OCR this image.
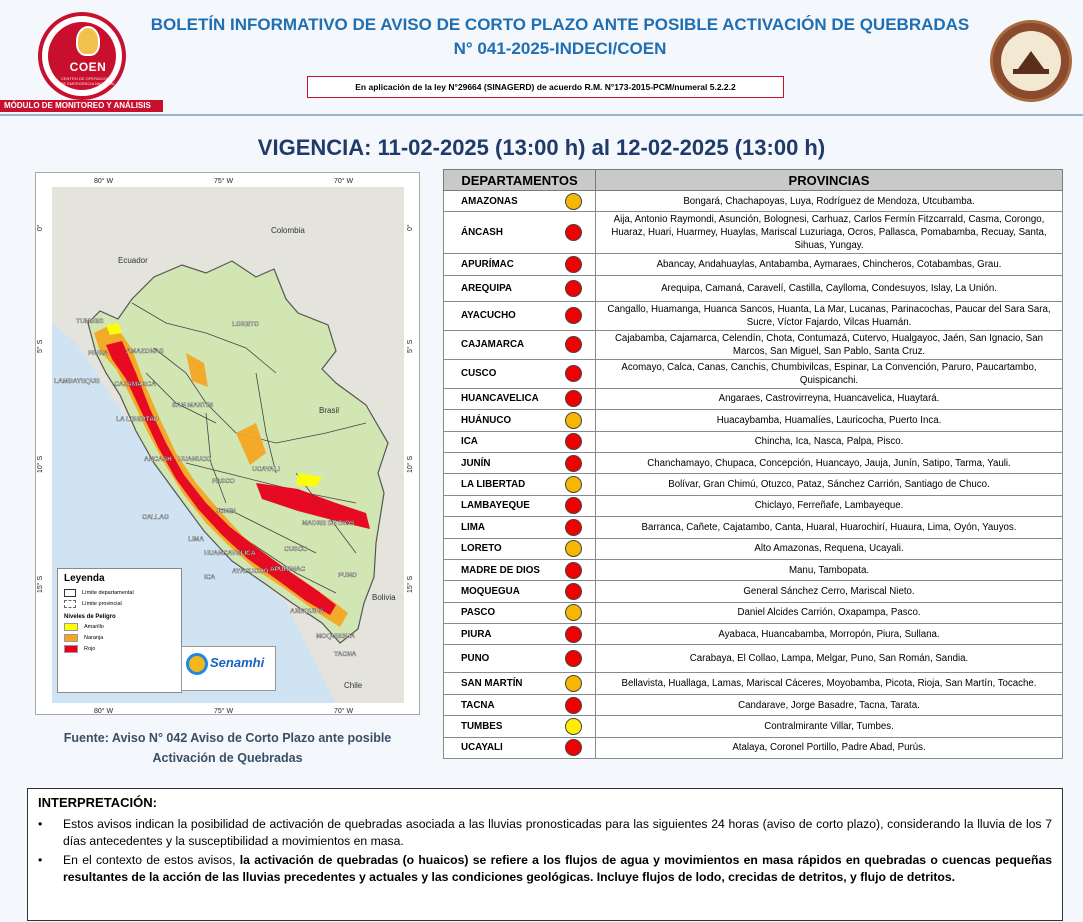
COEN
CENTRO DE OPERACIONES DE EMERGENCIA NACIONAL
MÓDULO DE MONITOREO Y ANÁLISIS
BOLETÍN INFORMATIVO DE AVISO DE CORTO PLAZO ANTE POSIBLE ACTIVACIÓN DE QUEBRADAS
N° 041-2025-INDECI/COEN
En aplicación de la ley N°29664 (SINAGERD) de acuerdo R.M. N°173-2015-PCM/numeral 5.2.2.2
VIGENCIA: 11-02-2025 (13:00 h) al 12-02-2025 (13:00 h)
80° W	75° W	70° W
80° W	75° W	70° W
0°
5° S
10° S
15° S
0°
5° S
10° S
15° S
Colombia
Ecuador
Brasil
Bolivia
Chile
TUMBES
PIURA	AMAZONAS
LAMBAYEQUE CAJAMARCA
LORETO
SAN MARTIN
LA LIBERTAD
ANCASH HUANUCO
UCAYALI
PASCO
CALLAO
JUNIN
LIMA
MADRE DE DIOS
CUSCO
HUANCAVELICA
AYACUCHO APURIMAC
ICA	PUNO
AREQUIPA
MOQUEGUA
TACNA
Leyenda
Límite departamental
Límite provincial
Niveles de Peligro
Amarillo
Naranja
Rojo
Senamhi
Fuente: Aviso N° 042 Aviso de Corto Plazo ante posible
Activación de Quebradas
DEPARTAMENTOS		PROVINCIAS
AMAZONAS		Bongará, Chachapoyas, Luya, Rodríguez de Mendoza, Utcubamba.
ÁNCASH		Aija, Antonio Raymondi, Asunción, Bolognesi, Carhuaz, Carlos Fermín Fitzcarrald, Casma, Corongo, Huaraz, Huari, Huarmey, Huaylas, Mariscal Luzuriaga, Ocros, Pallasca, Pomabamba, Recuay, Santa, Sihuas, Yungay.
APURÍMAC		Abancay, Andahuaylas, Antabamba, Aymaraes, Chincheros, Cotabambas, Grau.
AREQUIPA		Arequipa, Camaná, Caravelí, Castilla, Caylloma, Condesuyos, Islay, La Unión.
AYACUCHO		Cangallo, Huamanga, Huanca Sancos, Huanta, La Mar, Lucanas, Parinacochas, Paucar del Sara Sara, Sucre, Víctor Fajardo, Vilcas Huamán.
CAJAMARCA		Cajabamba, Cajamarca, Celendín, Chota, Contumazá, Cutervo, Hualgayoc, Jaén, San Ignacio, San Marcos, San Miguel, San Pablo, Santa Cruz.
CUSCO		Acomayo, Calca, Canas, Canchis, Chumbivilcas, Espinar, La Convención, Paruro, Paucartambo, Quispicanchi.
HUANCAVELICA		Angaraes, Castrovirreyna, Huancavelica, Huaytará.
HUÁNUCO		Huacaybamba, Huamalíes, Lauricocha, Puerto Inca.
ICA		Chincha, Ica, Nasca, Palpa, Pisco.
JUNÍN		Chanchamayo, Chupaca, Concepción, Huancayo, Jauja, Junín, Satipo, Tarma, Yauli.
LA LIBERTAD		Bolívar, Gran Chimú, Otuzco, Pataz, Sánchez Carrión, Santiago de Chuco.
LAMBAYEQUE		Chiclayo, Ferreñafe, Lambayeque.
LIMA		Barranca, Cañete, Cajatambo, Canta, Huaral, Huarochirí, Huaura, Lima, Oyón, Yauyos.
LORETO		Alto Amazonas, Requena, Ucayali.
MADRE DE DIOS		Manu, Tambopata.
MOQUEGUA		General Sánchez Cerro, Mariscal Nieto.
PASCO		Daniel Alcides Carrión, Oxapampa, Pasco.
PIURA		Ayabaca, Huancabamba, Morropón, Piura, Sullana.
PUNO		Carabaya, El Collao, Lampa, Melgar, Puno, San Román, Sandia.
SAN MARTÍN		Bellavista, Huallaga, Lamas, Mariscal Cáceres, Moyobamba, Picota, Rioja, San Martín, Tocache.
TACNA		Candarave, Jorge Basadre, Tacna, Tarata.
TUMBES		Contralmirante Villar, Tumbes.
UCAYALI		Atalaya, Coronel Portillo, Padre Abad, Purús.
INTERPRETACIÓN:
• Estos avisos indican la posibilidad de activación de quebradas asociada a las lluvias pronosticadas para las siguientes 24 horas (aviso de corto plazo), considerando la lluvia de los 7 días antecedentes y la susceptibilidad a movimientos en masa.
• En el contexto de estos avisos, la activación de quebradas (o huaicos) se refiere a los flujos de agua y movimientos en masa rápidos en quebradas o cuencas pequeñas resultantes de la acción de las lluvias precedentes y actuales y las condiciones geológicas. Incluye flujos de lodo, crecidas de detritos, y flujo de detritos.
